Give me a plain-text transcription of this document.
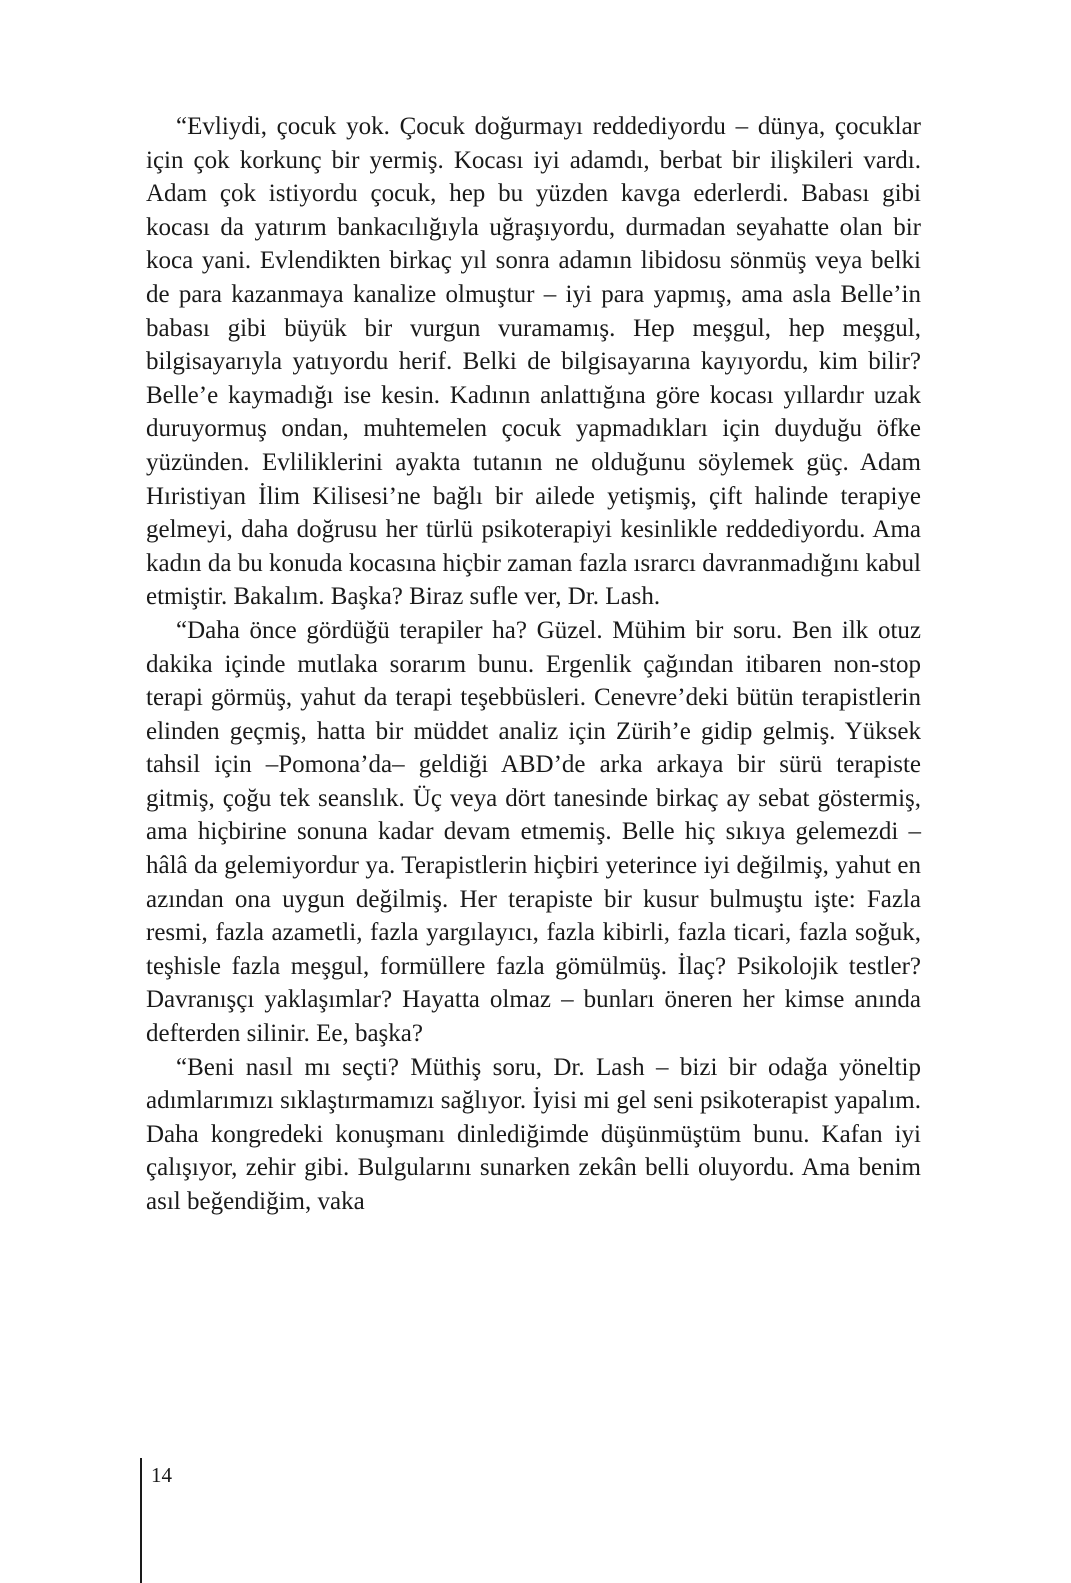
“Evliydi, çocuk yok. Çocuk doğurmayı reddediyordu – dünya, çocuklar için çok korkunç bir yermiş. Kocası iyi adamdı, berbat bir ilişkileri vardı. Adam çok istiyordu çocuk, hep bu yüzden kavga ederlerdi. Babası gibi kocası da yatırım bankacılığıyla uğraşıyordu, durmadan seyahatte olan bir koca yani. Evlendikten birkaç yıl sonra adamın libidosu sönmüş veya belki de para kazanmaya kanalize olmuştur – iyi para yapmış, ama asla Belle’in babası gibi büyük bir vurgun vuramamış. Hep meşgul, hep meşgul, bilgisayarıyla yatıyordu herif. Belki de bilgisayarına kayıyordu, kim bilir? Belle’e kaymadığı ise kesin. Kadının anlattığına göre kocası yıllardır uzak duruyormuş ondan, muhtemelen çocuk yapmadıkları için duyduğu öfke yüzünden. Evliliklerini ayakta tutanın ne olduğunu söylemek güç. Adam Hıristiyan İlim Kilisesi’ne bağlı bir ailede yetişmiş, çift halinde terapiye gelmeyi, daha doğrusu her türlü psikoterapiyi kesinlikle reddediyordu. Ama kadın da bu konuda kocasına hiçbir zaman fazla ısrarcı davranmadığını kabul etmiştir. Bakalım. Başka? Biraz sufle ver, Dr. Lash.

“Daha önce gördüğü terapiler ha? Güzel. Mühim bir soru. Ben ilk otuz dakika içinde mutlaka sorarım bunu. Ergenlik çağından itibaren non-stop terapi görmüş, yahut da terapi teşebbüsleri. Cenevre’deki bütün terapistlerin elinden geçmiş, hatta bir müddet analiz için Zürih’e gidip gelmiş. Yüksek tahsil için –Pomona’da– geldiği ABD’de arka arkaya bir sürü terapiste gitmiş, çoğu tek seanslık. Üç veya dört tanesinde birkaç ay sebat göstermiş, ama hiçbirine sonuna kadar devam etmemiş. Belle hiç sıkıya gelemezdi – hâlâ da gelemiyordur ya. Terapistlerin hiçbiri yeterince iyi değilmiş, yahut en azından ona uygun değilmiş. Her terapiste bir kusur bulmuştu işte: Fazla resmi, fazla azametli, fazla yargılayıcı, fazla kibirli, fazla ticari, fazla soğuk, teşhisle fazla meşgul, formüllere fazla gömülmüş. İlaç? Psikolojik testler? Davranışçı yaklaşımlar? Hayatta olmaz – bunları öneren her kimse anında defterden silinir. Ee, başka?

“Beni nasıl mı seçti? Müthiş soru, Dr. Lash – bizi bir odağa yöneltip adımlarımızı sıklaştırmamızı sağlıyor. İyisi mi gel seni psikoterapist yapalım. Daha kongredeki konuşmanı dinlediğimde düşünmüştüm bunu. Kafan iyi çalışıyor, zehir gibi. Bulgularını sunarken zekân belli oluyordu. Ama benim asıl beğendiğim, vaka

14
